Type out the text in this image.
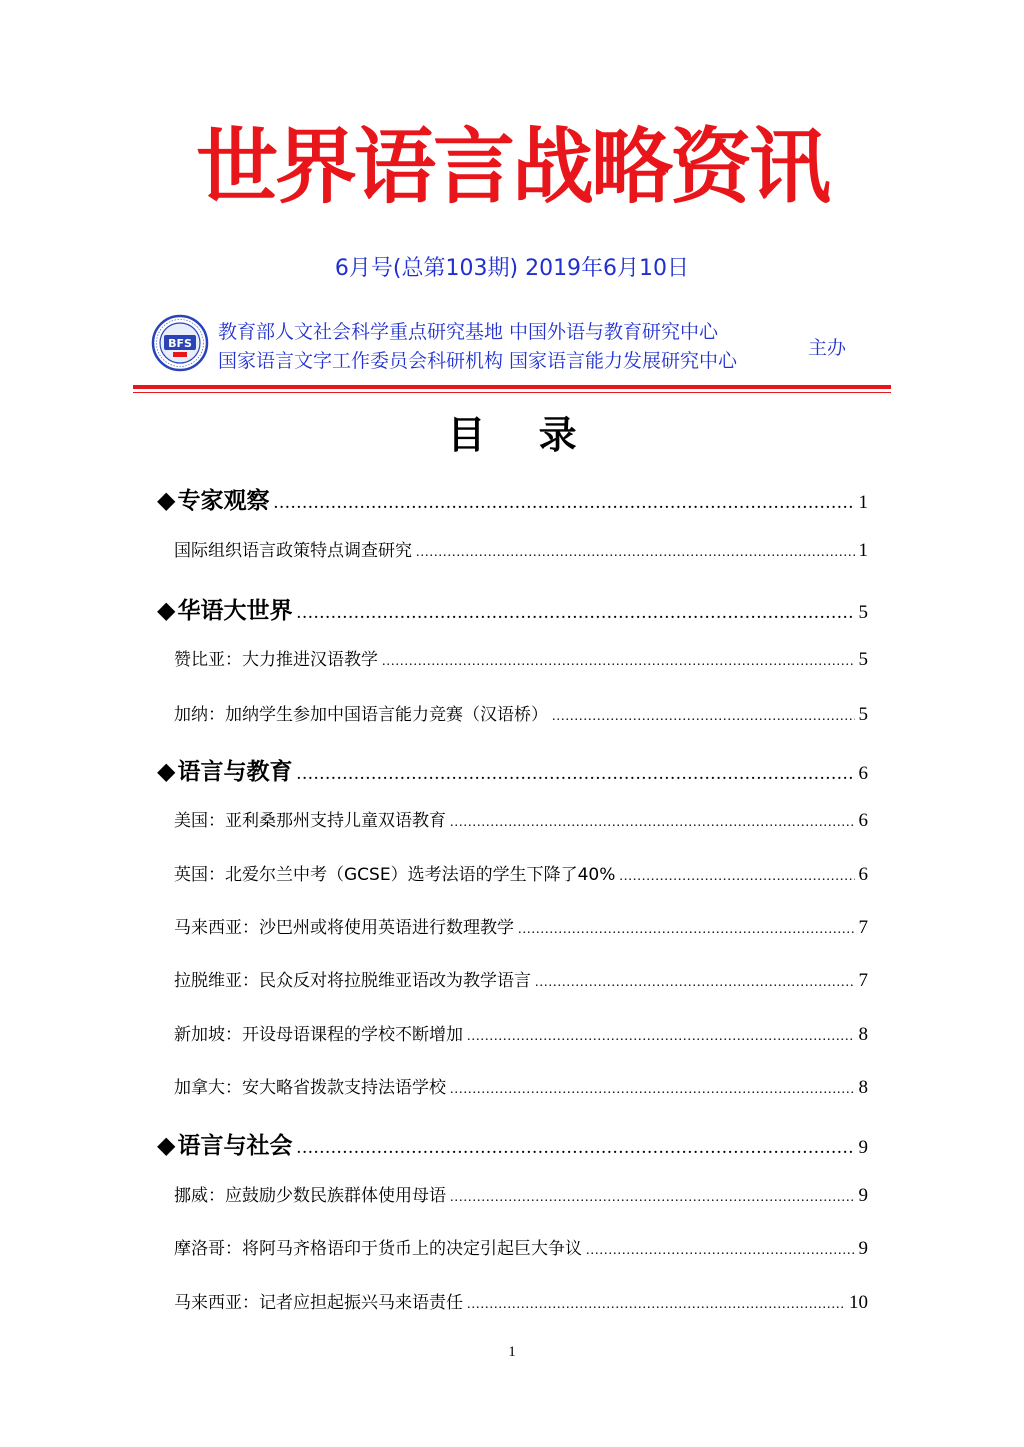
世界语言战略资讯
6月号(总第103期) 2019年6月10日
BFS
教育部人文社会科学重点研究基地 中国外语与教育研究中心
国家语言文字工作委员会科研机构 国家语言能力发展研究中心
主办
目 录
◆ 专家观察 .....	1
国际组织语言政策特点调查研究 .....	1
◆ 华语大世界 .....	5
赞比亚：大力推进汉语教学 .....	5
加纳：加纳学生参加中国语言能力竞赛（汉语桥） .....	5
◆ 语言与教育 .....	6
美国：亚利桑那州支持儿童双语教育 .....	6
英国：北爱尔兰中考（GCSE）选考法语的学生下降了40% .....	6
马来西亚：沙巴州或将使用英语进行数理教学 .....	7
拉脱维亚：民众反对将拉脱维亚语改为教学语言 .....	7
新加坡：开设母语课程的学校不断增加 .....	8
加拿大：安大略省拨款支持法语学校 .....	8
◆ 语言与社会 .....	9
挪威：应鼓励少数民族群体使用母语 .....	9
摩洛哥：将阿马齐格语印于货币上的决定引起巨大争议 .....	9
马来西亚：记者应担起振兴马来语责任 .....	10
1
